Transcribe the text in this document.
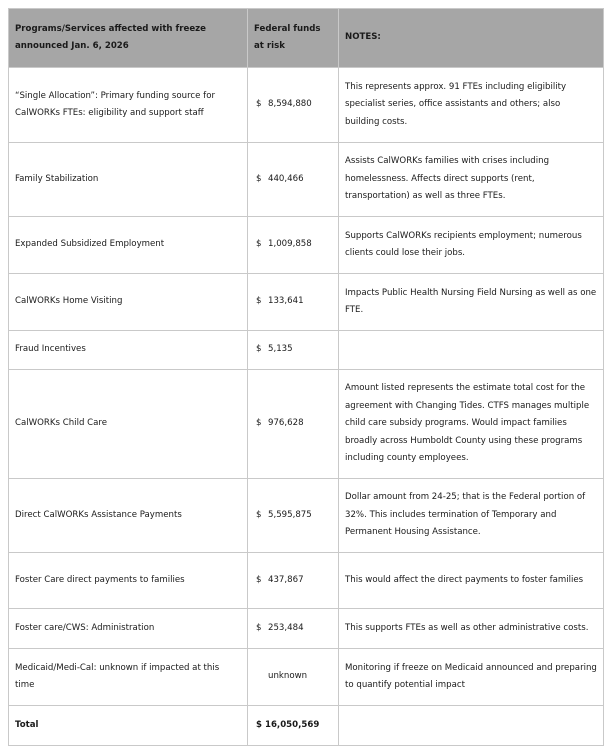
Programs/Services affected with freeze announced Jan. 6, 2026	Federal funds at risk	NOTES:
“Single Allocation”: Primary funding source for CalWORKs FTEs: eligibility and support staff	$ 8,594,880	This represents approx. 91 FTEs including eligibility specialist series, office assistants and others; also building costs.
Family Stabilization	$ 440,466	Assists CalWORKs families with crises including homelessness. Affects direct supports (rent, transportation) as well as three FTEs.
Expanded Subsidized Employment	$ 1,009,858	Supports CalWORKs recipients employment; numerous clients could lose their jobs.
CalWORKs Home Visiting	$ 133,641	Impacts Public Health Nursing Field Nursing as well as one FTE.
Fraud Incentives	$ 5,135	
CalWORKs Child Care	$ 976,628	Amount listed represents the estimate total cost for the agreement with Changing Tides. CTFS manages multiple child care subsidy programs. Would impact families broadly across Humboldt County using these programs including county employees.
Direct CalWORKs Assistance Payments	$ 5,595,875	Dollar amount from 24-25; that is the Federal portion of 32%. This includes termination of Temporary and Permanent Housing Assistance.
Foster Care direct payments to families	$ 437,867	This would affect the direct payments to foster families
Foster care/CWS: Administration	$ 253,484	This supports FTEs as well as other administrative costs.
Medicaid/Medi-Cal: unknown if impacted at this time	unknown	Monitoring if freeze on Medicaid announced and preparing to quantify potential impact
Total	$ 16,050,569	
